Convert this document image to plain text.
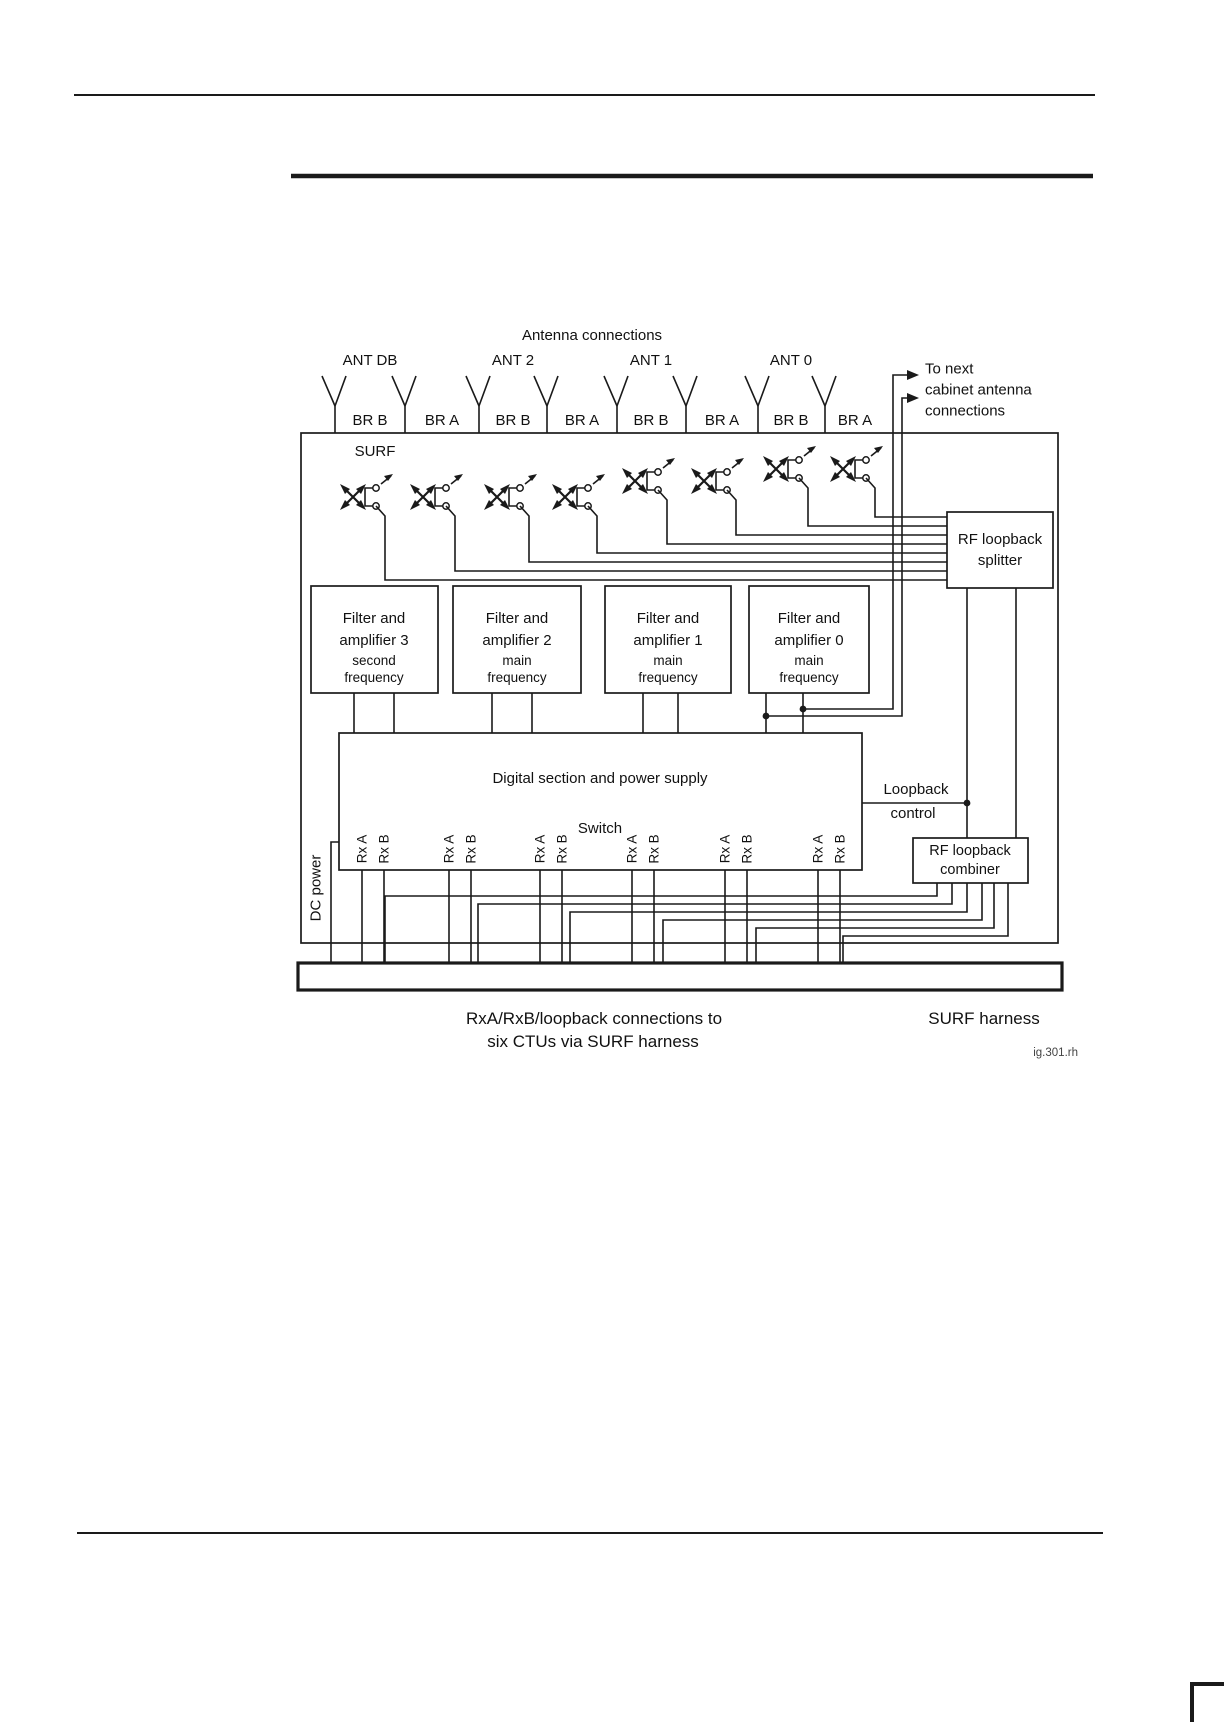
Antenna connections
ANT DB	ANT 2	ANT 1	ANT 0	To next
cabinet antenna
connections
BR B BR A BR B BR A BR B BR A BR B BR A
SURF
RF loopback
splitter
Filter and
amplifier 3
second
frequency
Filter and
amplifier 2
main
frequency
Filter and
amplifier 1
main
frequency
Filter and
amplifier 0
main
frequency
Digital section and power supply
Switch
Rx A Rx B	Rx A Rx B	Rx A Rx B	Rx A Rx B	Rx A Rx B	Rx A Rx B
Loopback
control
RF loopback
combiner
DC power
RxA/RxB/loopback connections to
six CTUs via SURF harness
SURF harness
ig.301.rh
